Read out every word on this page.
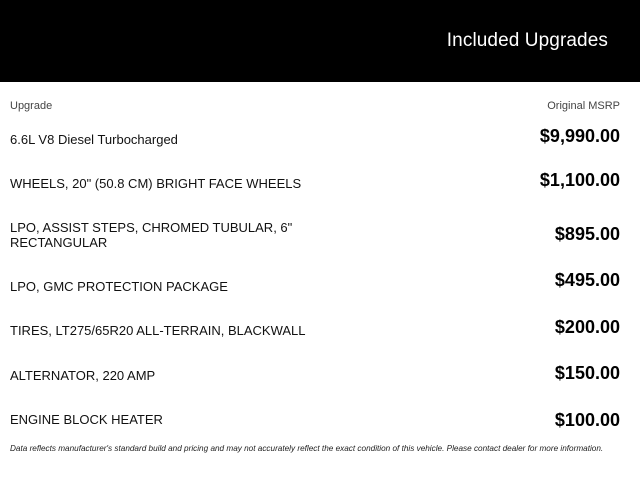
Included Upgrades
Upgrade	Original MSRP
6.6L V8 Diesel Turbocharged	$9,990.00
WHEELS, 20" (50.8 CM) BRIGHT FACE WHEELS	$1,100.00
LPO, ASSIST STEPS, CHROMED TUBULAR, 6" RECTANGULAR	$895.00
LPO, GMC PROTECTION PACKAGE	$495.00
TIRES, LT275/65R20 ALL-TERRAIN, BLACKWALL	$200.00
ALTERNATOR, 220 AMP	$150.00
ENGINE BLOCK HEATER	$100.00
Data reflects manufacturer's standard build and pricing and may not accurately reflect the exact condition of this vehicle. Please contact dealer for more information.
